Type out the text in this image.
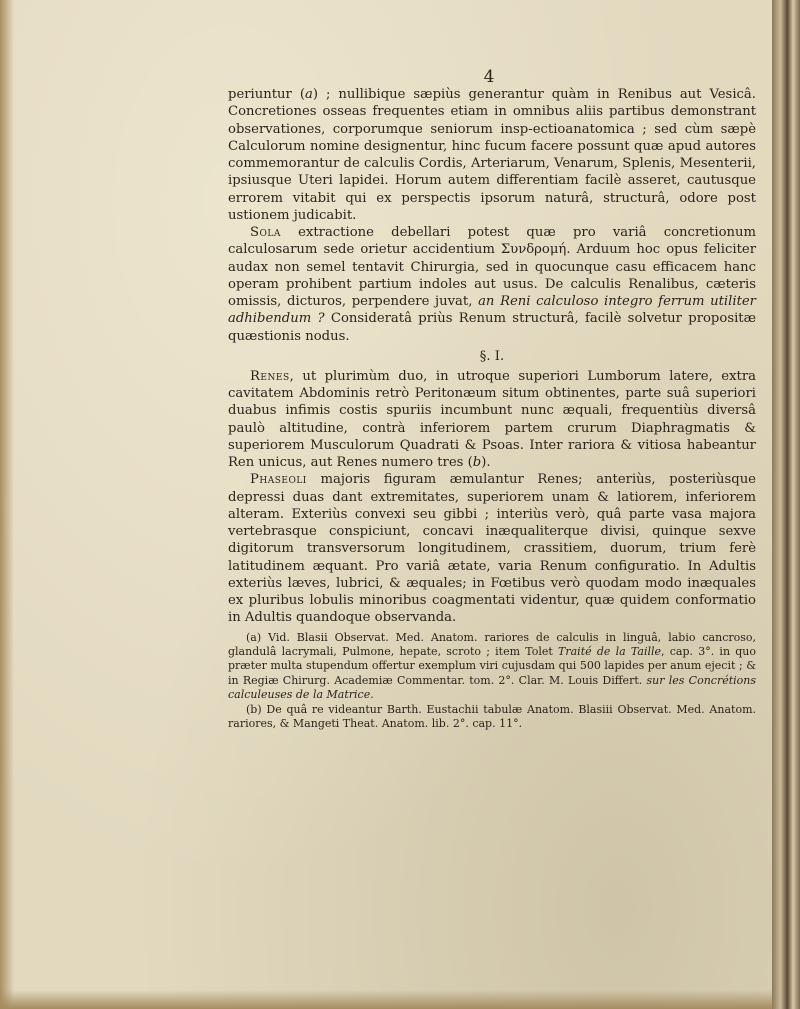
4

periuntur (a) ; nullibique sæpiùs generantur quàm in Renibus aut Vesicâ. Concretiones osseas frequentes etiam in omnibus aliis partibus demonstrant observationes, corporumque seniorum insp-ectioanatomica ; sed cùm sæpè Calculorum nomine designentur, hinc fucum facere possunt quæ apud autores commemorantur de calculis Cordis, Arteriarum, Venarum, Splenis, Mesenterii, ipsiusque Uteri lapidei. Horum autem differentiam facilè asseret, cautusque errorem vitabit qui ex perspectis ipsorum naturâ, structurâ, odore post ustionem judicabit.

Sola extractione debellari potest quæ pro variâ concretionum calculosarum sede orietur accidentium Συνδρομή. Arduum hoc opus feliciter audax non semel tentavit Chirurgia, sed in quocunque casu efficacem hanc operam prohibent partium indoles aut usus. De calculis Renalibus, cæteris omissis, dicturos, perpendere juvat, an Reni calculoso integro ferrum utiliter adhibendum ? Consideratâ priùs Renum structurâ, facilè solvetur propositæ quæstionis nodus.

§. I.

Renes, ut plurimùm duo, in utroque superiori Lumborum latere, extra cavitatem Abdominis retrò Peritonæum situm obtinentes, parte suâ superiori duabus infimis costis spuriis incumbunt nunc æquali, frequentiùs diversâ paulò altitudine, contrà inferiorem partem crurum Diaphragmatis & superiorem Musculorum Quadrati & Psoas. Inter rariora & vitiosa habeantur Ren unicus, aut Renes numero tres (b).

Phaseoli majoris figuram æmulantur Renes; anteriùs, posteriùsque depressi duas dant extremitates, superiorem unam & latiorem, inferiorem alteram. Exteriùs convexi seu gibbi ; interiùs verò, quâ parte vasa majora vertebrasque conspiciunt, concavi inæqualiterque divisi, quinque sexve digitorum transversorum longitudinem, crassitiem, duorum, trium ferè latitudinem æquant. Pro variâ ætate, varia Renum configuratio. In Adultis exteriùs læves, lubrici, & æquales; in Fœtibus verò quodam modo inæquales ex pluribus lobulis minoribus coagmentati videntur, quæ quidem conformatio in Adultis quandoque observanda.

(a) Vid. Blasii Observat. Med. Anatom. rariores de calculis in linguâ, labio cancroso, glandulâ lacrymali, Pulmone, hepate, scroto ; item Tolet Traité de la Taille, cap. 3°. in quo præter multa stupendum offertur exemplum viri cujusdam qui 500 lapides per anum ejecit ; & in Regiæ Chirurg. Academiæ Commentar. tom. 2°. Clar. M. Louis Differt. sur les Concrétions calculeuses de la Matrice.

(b) De quâ re videantur Barth. Eustachii tabulæ Anatom. Blasiii Observat. Med. Anatom. rariores, & Mangeti Theat. Anatom. lib. 2°. cap. 11°.
